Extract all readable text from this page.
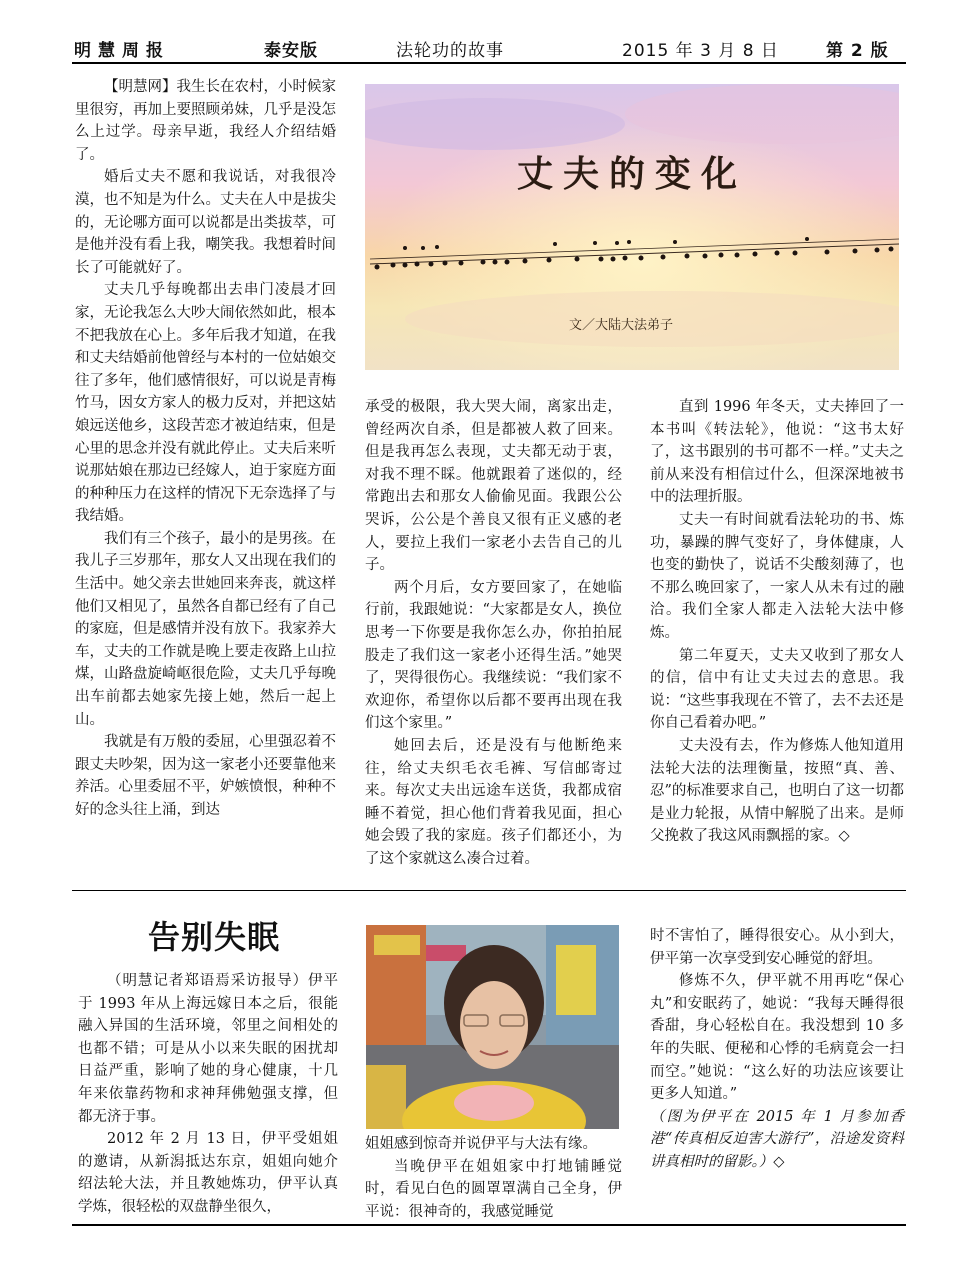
明慧周报	泰安版	法轮功的故事	2015 年 3 月 8 日	第 2 版

【明慧网】我生长在农村，小时候家里很穷，再加上要照顾弟妹，几乎是没怎么上过学。母亲早逝，我经人介绍结婚了。

婚后丈夫不愿和我说话，对我很冷漠，也不知是为什么。丈夫在人中是拔尖的，无论哪方面可以说都是出类拔萃，可是他并没有看上我，嘲笑我。我想着时间长了可能就好了。

丈夫几乎每晚都出去串门凌晨才回家，无论我怎么大吵大闹依然如此，根本不把我放在心上。多年后我才知道，在我和丈夫结婚前他曾经与本村的一位姑娘交往了多年，他们感情很好，可以说是青梅竹马，因女方家人的极力反对，并把这姑娘远送他乡，这段苦恋才被迫结束，但是心里的思念并没有就此停止。丈夫后来听说那姑娘在那边已经嫁人，迫于家庭方面的种种压力在这样的情况下无奈选择了与我结婚。

我们有三个孩子，最小的是男孩。在我儿子三岁那年，那女人又出现在我们的生活中。她父亲去世她回来奔丧，就这样他们又相见了，虽然各自都已经有了自己的家庭，但是感情并没有放下。我家养大车，丈夫的工作就是晚上要走夜路上山拉煤，山路盘旋崎岖很危险，丈夫几乎每晚出车前都去她家先接上她，然后一起上山。

我就是有万般的委屈，心里强忍着不跟丈夫吵架，因为这一家老小还要靠他来养活。心里委屈不平，妒嫉愤恨，种种不好的念头往上涌，到达

丈夫的变化
文／大陆大法弟子

承受的极限，我大哭大闹，离家出走，曾经两次自杀，但是都被人救了回来。但是我再怎么表现，丈夫都无动于衷，对我不理不睬。他就跟着了迷似的，经常跑出去和那女人偷偷见面。我跟公公哭诉，公公是个善良又很有正义感的老人，要拉上我们一家老小去告自己的儿子。

两个月后，女方要回家了，在她临行前，我跟她说：“大家都是女人，换位思考一下你要是我你怎么办，你拍拍屁股走了我们这一家老小还得生活。”她哭了，哭得很伤心。我继续说：“我们家不欢迎你，希望你以后都不要再出现在我们这个家里。”

她回去后，还是没有与他断绝来往，给丈夫织毛衣毛裤、写信邮寄过来。每次丈夫出远途车送货，我都成宿睡不着觉，担心他们背着我见面，担心她会毁了我的家庭。孩子们都还小，为了这个家就这么凑合过着。

直到 1996 年冬天，丈夫捧回了一本书叫《转法轮》，他说：“这书太好了，这书跟别的书可都不一样。”丈夫之前从来没有相信过什么，但深深地被书中的法理折服。

丈夫一有时间就看法轮功的书、炼功，暴躁的脾气变好了，身体健康，人也变的勤快了，说话不尖酸刻薄了，也不那么晚回家了，一家人从未有过的融洽。我们全家人都走入法轮大法中修炼。

第二年夏天，丈夫又收到了那女人的信，信中有让丈夫过去的意思。我说：“这些事我现在不管了，去不去还是你自己看着办吧。”

丈夫没有去，作为修炼人他知道用法轮大法的法理衡量，按照“真、善、忍”的标准要求自己，也明白了这一切都是业力轮报，从情中解脱了出来。是师父挽救了我这风雨飘摇的家。◇

告别失眠

（明慧记者郑语焉采访报导）伊平于 1993 年从上海远嫁日本之后，很能融入异国的生活环境，邻里之间相处的也都不错；可是从小以来失眠的困扰却日益严重，影响了她的身心健康，十几年来依靠药物和求神拜佛勉强支撑，但都无济于事。

2012 年 2 月 13 日，伊平受姐姐的邀请，从新潟抵达东京，姐姐向她介绍法轮大法，并且教她炼功，伊平认真学炼，很轻松的双盘静坐很久，

姐姐感到惊奇并说伊平与大法有缘。

当晚伊平在姐姐家中打地铺睡觉时，看见白色的圆罩罩满自己全身，伊平说：很神奇的，我感觉睡觉

时不害怕了，睡得很安心。从小到大，伊平第一次享受到安心睡觉的舒坦。

修炼不久，伊平就不用再吃“保心丸”和安眠药了，她说：“我每天睡得很香甜，身心轻松自在。我没想到 10 多年的失眠、便秘和心悸的毛病竟会一扫而空。”她说：“这么好的功法应该要让更多人知道。”

（图为伊平在 2015 年 1 月参加香港“传真相反迫害大游行”，沿途发资料讲真相时的留影。）◇
